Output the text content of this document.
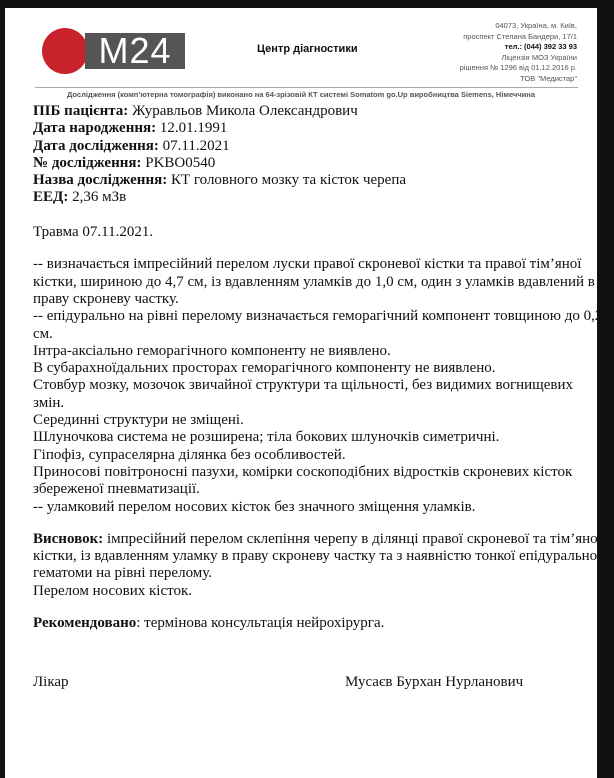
M24	Центр діагностики
04073, Україна, м. Київ,
проспект Степана Бандери, 17/1
тел.: (044) 392 33 93
Ліцензія МОЗ України
рішення № 1296 від 01.12.2016 р.
ТОВ "Медистар"
Дослідження (комп’ютерна томографія) виконано на 64-зрізовій КТ системі Somatom go.Up виробництва Siemens, Німеччина
ПІБ пацієнта: Журавльов Микола Олександрович
Дата народження: 12.01.1991
Дата дослідження: 07.11.2021
№ дослідження: PKBO0540
Назва дослідження: КТ головного мозку та кісток черепа
ЕЕД: 2,36 мЗв
Травма 07.11.2021.
-- визначається імпресійний перелом луски правої скроневої кістки та правої тім’яної
кістки, шириною до 4,7 см, із вдавленням уламків до 1,0 см, один з уламків вдавлений в
праву скроневу частку.
-- епідурально на рівні перелому визначається геморагічний компонент товщиною до 0,2
см.
Інтра-аксіально геморагічного компоненту не виявлено.
В субарахноїдальних просторах геморагічного компоненту не виявлено.
Стовбур мозку, мозочок звичайної структури та щільності, без видимих вогнищевих
змін.
Серединні структури не зміщені.
Шлуночкова система не розширена; тіла бокових шлуночків симетричні.
Гіпофіз, супраселярна ділянка без особливостей.
Приносові повітроносні пазухи, комірки соскоподібних відростків скроневих кісток
збереженої пневматизації.
-- уламковий перелом носових кісток без значного зміщення уламків.
Висновок: імпресійний перелом склепіння черепу в ділянці правої скроневої та тім’яної
кістки, із вдавленням уламку в праву скроневу частку та з наявністю тонкої епідуральної
гематоми на рівні перелому.
Перелом носових кісток.
Рекомендовано: термінова консультація нейрохірурга.
Лікар	Мусаєв Бурхан Нурланович
